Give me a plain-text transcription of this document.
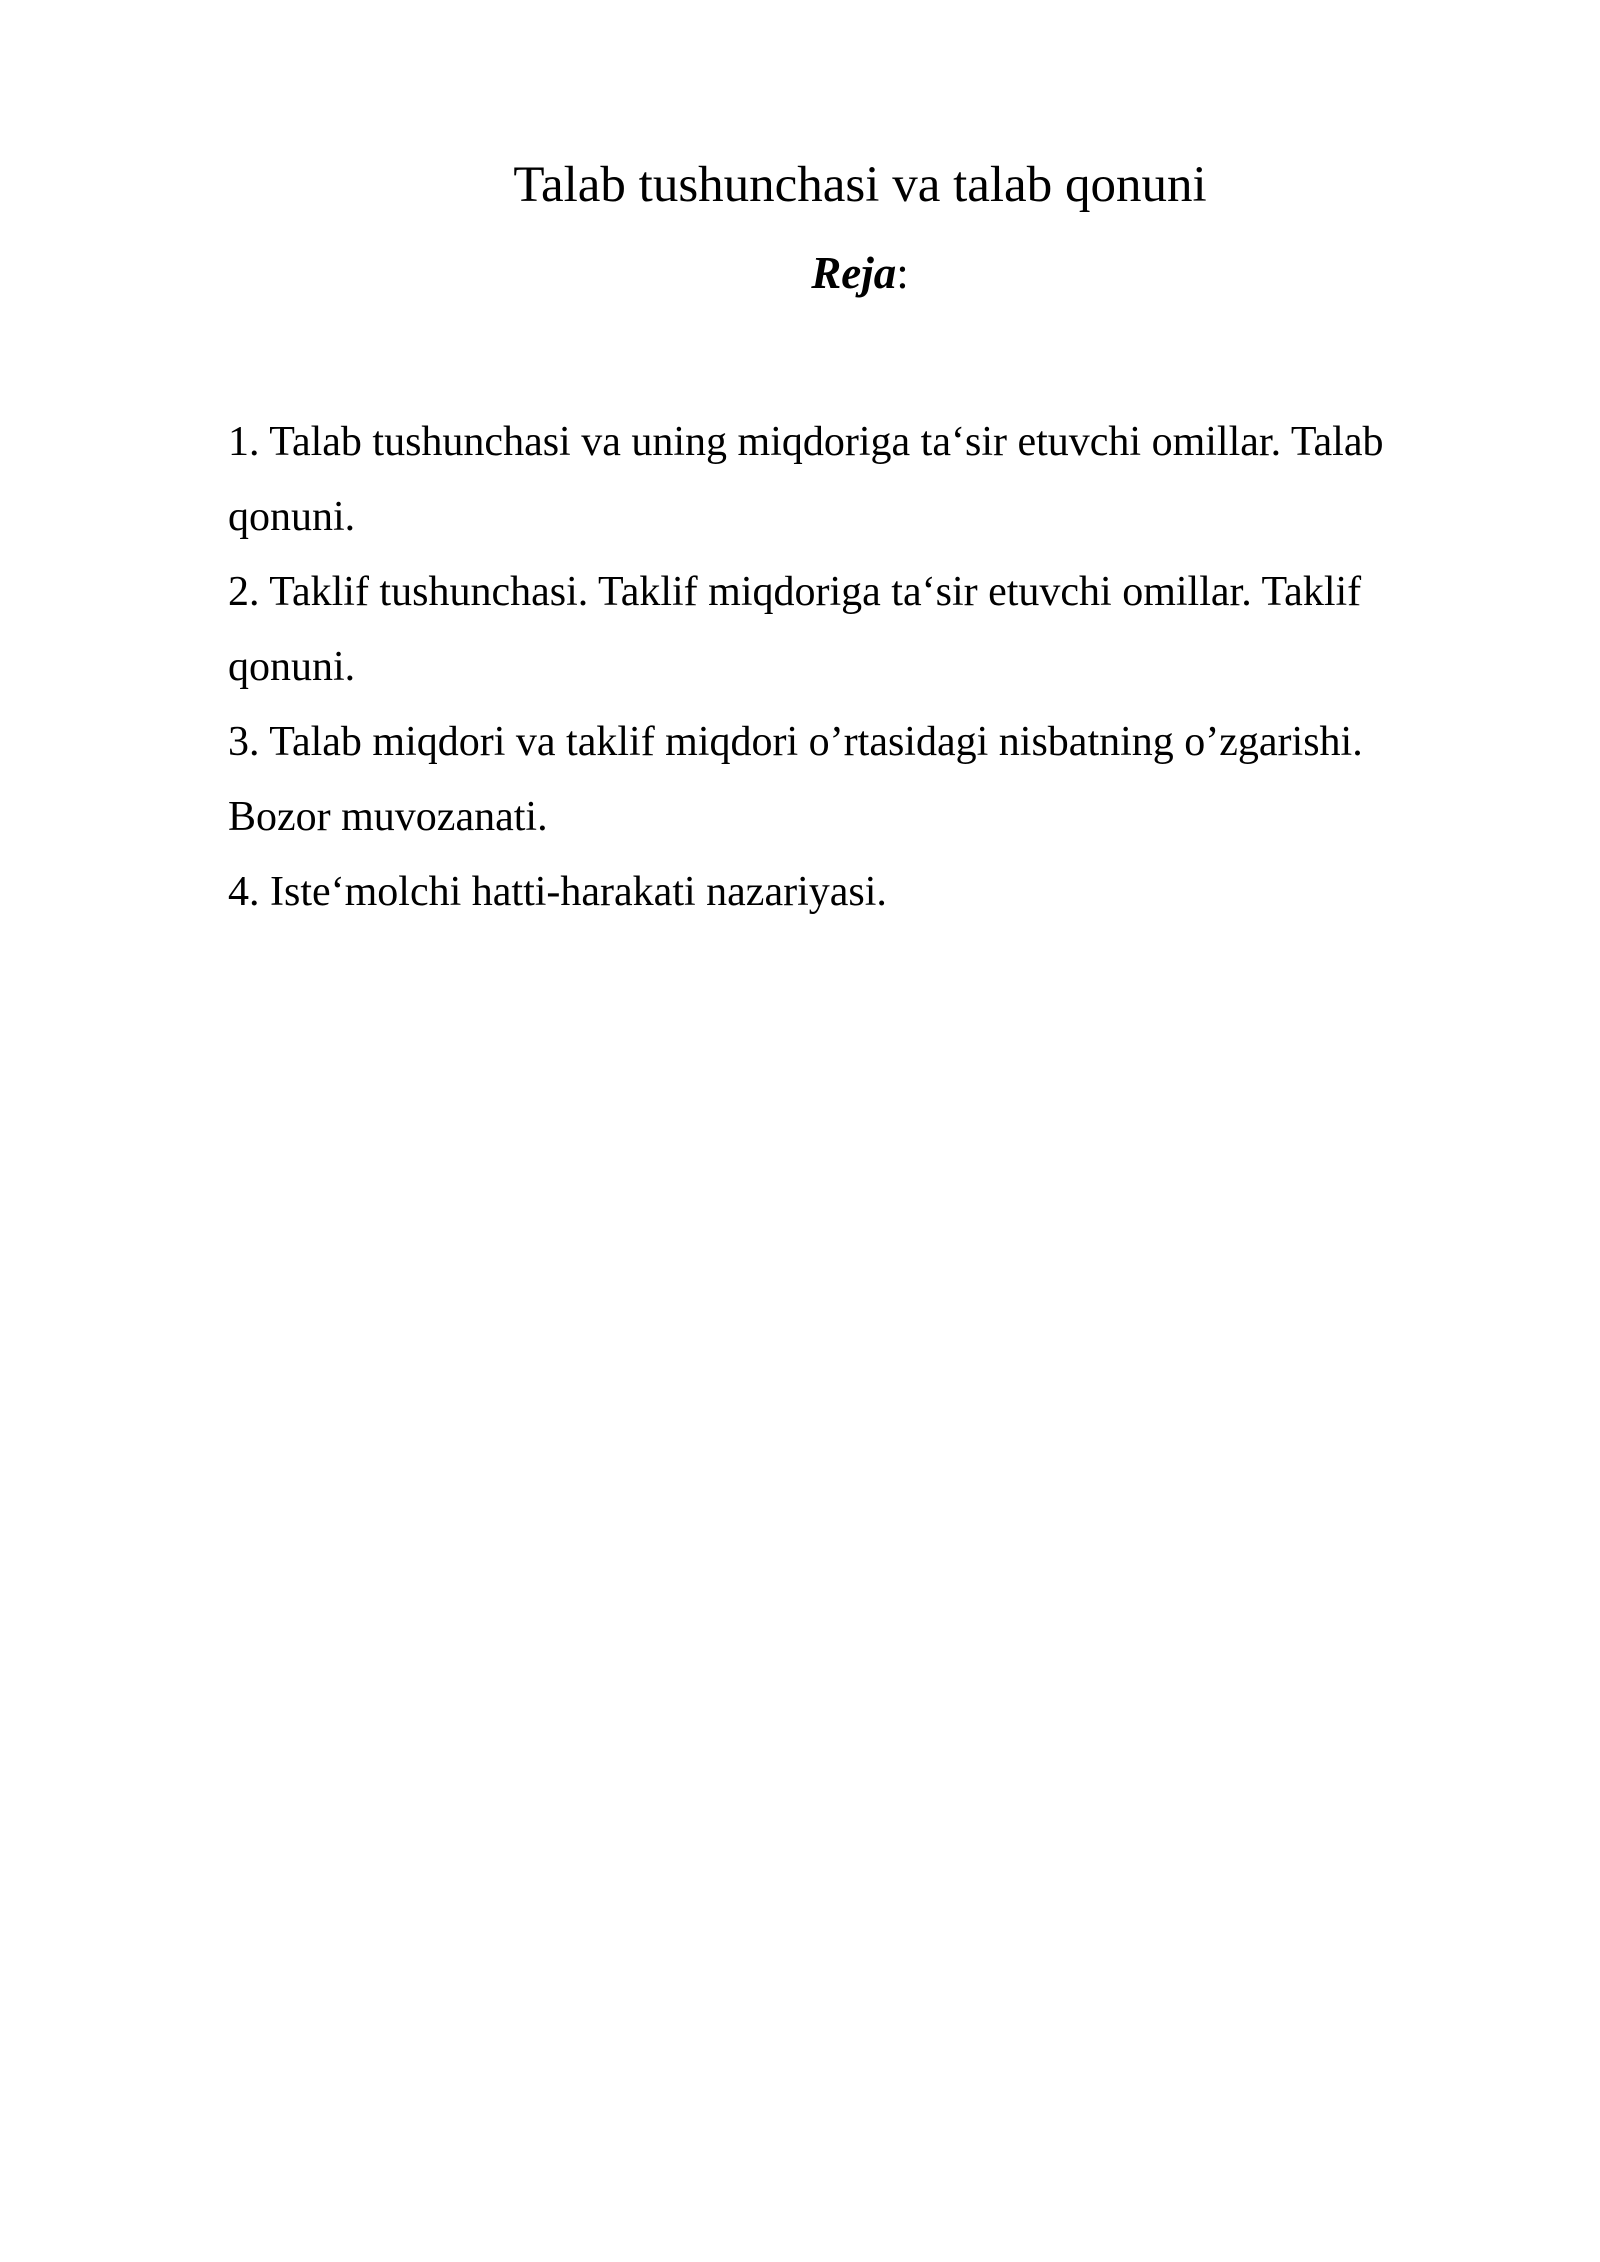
Talab tushunchasi va talab qonuni
Reja:
1. Talab tushunchasi va uning miqdoriga ta‘sir etuvchi omillar. Talab qonuni.
2. Taklif tushunchasi. Taklif miqdoriga ta‘sir etuvchi omillar. Taklif qonuni.
3. Talab miqdori va taklif miqdori o’rtasidagi nisbatning o’zgarishi. Bozor muvozanati.
4. Iste‘molchi hatti-harakati nazariyasi.
